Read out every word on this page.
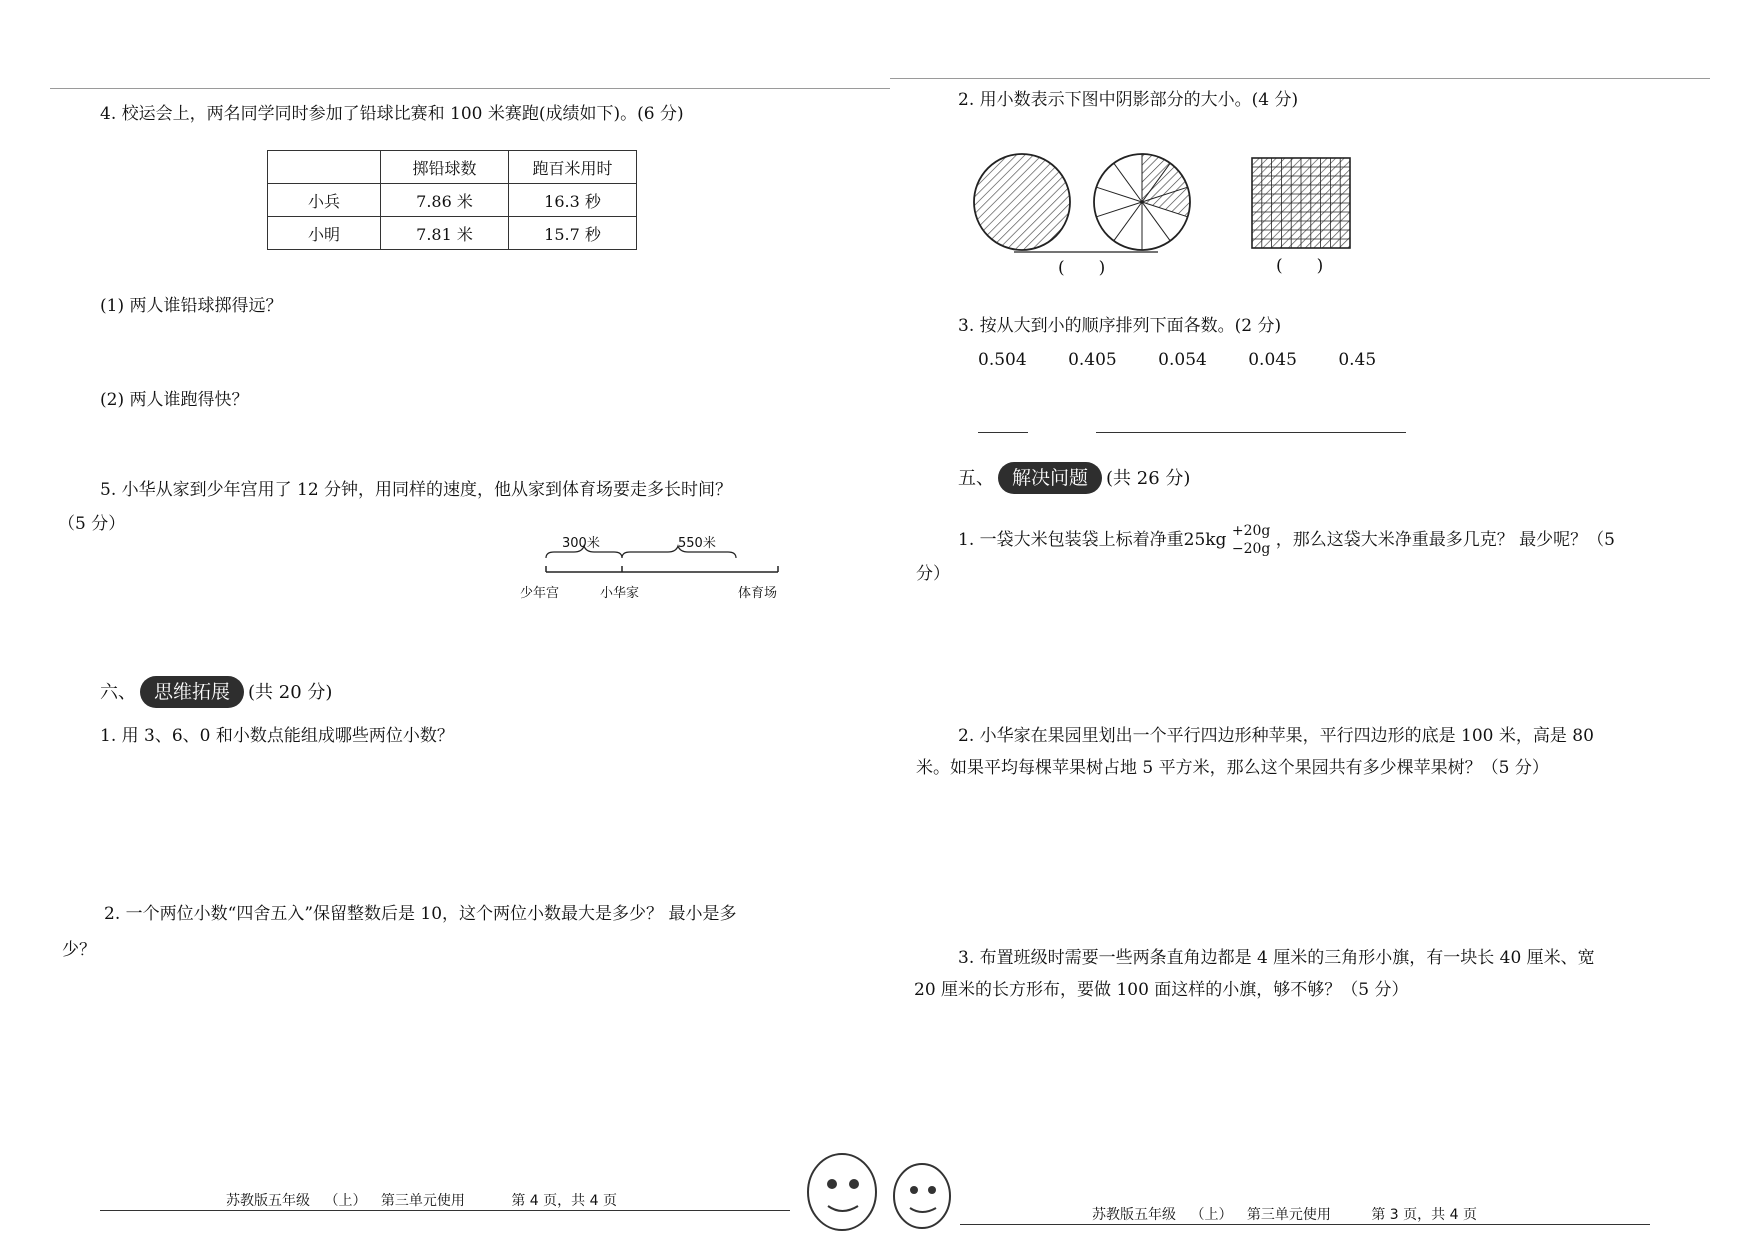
4. 校运会上，两名同学同时参加了铅球比赛和 100 米赛跑(成绩如下)。(6 分)
	掷铅球数	跑百米用时
小兵	7.86 米	16.3 秒
小明	7.81 米	15.7 秒
(1) 两人谁铅球掷得远？
(2) 两人谁跑得快？
5. 小华从家到少年宫用了 12 分钟，用同样的速度，他从家到体育场要走多长时间？
（5 分）
300米	550米
少年宫	小华家	体育场
六、 思维拓展 (共 20 分)
1. 用 3、6、0 和小数点能组成哪些两位小数？
2. 一个两位小数“四舍五入”保留整数后是 10，这个两位小数最大是多少？ 最小是多
少？
苏教版五年级 （上） 第三单元使用	第 4 页，共 4 页
2. 用小数表示下图中阴影部分的大小。(4 分)
(　　)	(　　)
3. 按从大到小的顺序排列下面各数。(2 分)
0.504 0.405 0.054 0.045 0.45
五、 解决问题 (共 26 分)
1. 一袋大米包装袋上标着净重25kg +20g
−20g ，那么这袋大米净重最多几克？ 最少呢？（5
分）
2. 小华家在果园里划出一个平行四边形种苹果，平行四边形的底是 100 米，高是 80
米。如果平均每棵苹果树占地 5 平方米，那么这个果园共有多少棵苹果树？（5 分）
3. 布置班级时需要一些两条直角边都是 4 厘米的三角形小旗，有一块长 40 厘米、宽
20 厘米的长方形布，要做 100 面这样的小旗，够不够？（5 分）
苏教版五年级 （上） 第三单元使用	第 3 页，共 4 页
